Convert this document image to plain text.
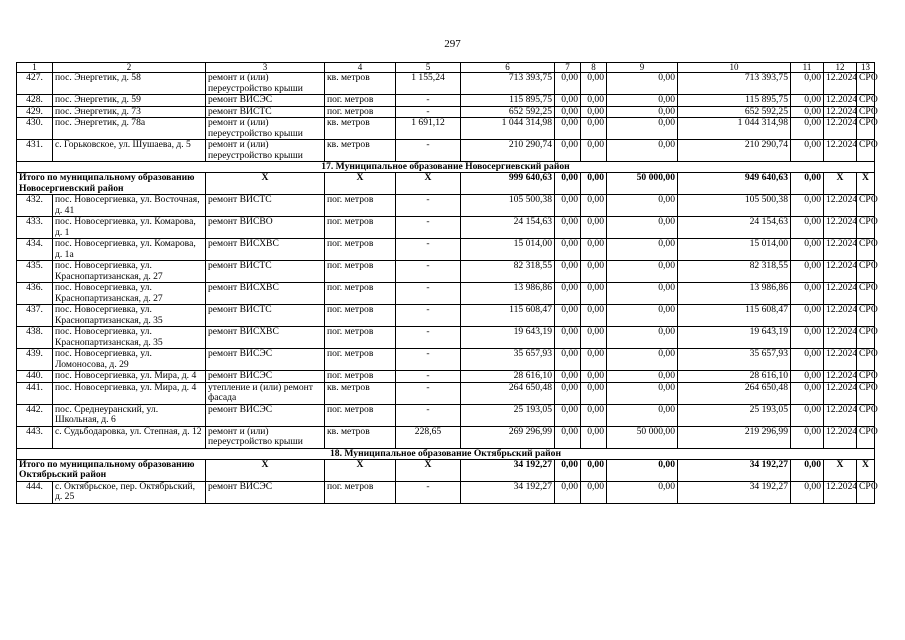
297
1	2	3	4	5	6	7	8	9	10	11	12	13
427.	пос. Энергетик, д. 58	ремонт и (или) переустройство крыши	кв. метров	1 155,24	713 393,75	0,00	0,00	0,00	713 393,75	0,00	12.2024	СРО
428.	пос. Энергетик, д. 59	ремонт ВИСЭС	пог. метров	-	115 895,75	0,00	0,00	0,00	115 895,75	0,00	12.2024	СРО
429.	пос. Энергетик, д. 73	ремонт ВИСТС	пог. метров	-	652 592,25	0,00	0,00	0,00	652 592,25	0,00	12.2024	СРО
430.	пос. Энергетик, д. 78а	ремонт и (или) переустройство крыши	кв. метров	1 691,12	1 044 314,98	0,00	0,00	0,00	1 044 314,98	0,00	12.2024	СРО
431.	с. Горьковское, ул. Шушаева, д. 5	ремонт и (или) переустройство крыши	кв. метров	-	210 290,74	0,00	0,00	0,00	210 290,74	0,00	12.2024	СРО
17. Муниципальное образование Новосергиевский район												
Итого по муниципальному образованию Новосергиевский район		X	X	X	999 640,63	0,00	0,00	50 000,00	949 640,63	0,00	X	X
432.	пос. Новосергиевка, ул. Восточная, д. 41	ремонт ВИСТС	пог. метров	-	105 500,38	0,00	0,00	0,00	105 500,38	0,00	12.2024	СРО
433.	пос. Новосергиевка, ул. Комарова, д. 1	ремонт ВИСВО	пог. метров	-	24 154,63	0,00	0,00	0,00	24 154,63	0,00	12.2024	СРО
434.	пос. Новосергиевка, ул. Комарова, д. 1а	ремонт ВИСХВС	пог. метров	-	15 014,00	0,00	0,00	0,00	15 014,00	0,00	12.2024	СРО
435.	пос. Новосергиевка, ул. Краснопартизанская, д. 27	ремонт ВИСТС	пог. метров	-	82 318,55	0,00	0,00	0,00	82 318,55	0,00	12.2024	СРО
436.	пос. Новосергиевка, ул. Краснопартизанская, д. 27	ремонт ВИСХВС	пог. метров	-	13 986,86	0,00	0,00	0,00	13 986,86	0,00	12.2024	СРО
437.	пос. Новосергиевка, ул. Краснопартизанская, д. 35	ремонт ВИСТС	пог. метров	-	115 608,47	0,00	0,00	0,00	115 608,47	0,00	12.2024	СРО
438.	пос. Новосергиевка, ул. Краснопартизанская, д. 35	ремонт ВИСХВС	пог. метров	-	19 643,19	0,00	0,00	0,00	19 643,19	0,00	12.2024	СРО
439.	пос. Новосергиевка, ул. Ломоносова, д. 29	ремонт ВИСЭС	пог. метров	-	35 657,93	0,00	0,00	0,00	35 657,93	0,00	12.2024	СРО
440.	пос. Новосергиевка, ул. Мира, д. 4	ремонт ВИСЭС	пог. метров	-	28 616,10	0,00	0,00	0,00	28 616,10	0,00	12.2024	СРО
441.	пос. Новосергиевка, ул. Мира, д. 4	утепление и (или) ремонт фасада	кв. метров	-	264 650,48	0,00	0,00	0,00	264 650,48	0,00	12.2024	СРО
442.	пос. Среднеуранский, ул. Школьная, д. 6	ремонт ВИСЭС	пог. метров	-	25 193,05	0,00	0,00	0,00	25 193,05	0,00	12.2024	СРО
443.	с. Судьбодаровка, ул. Степная, д. 12	ремонт и (или) переустройство крыши	кв. метров	228,65	269 296,99	0,00	0,00	50 000,00	219 296,99	0,00	12.2024	СРО
18. Муниципальное образование Октябрьский район												
Итого по муниципальному образованию Октябрьский район		X	X	X	34 192,27	0,00	0,00	0,00	34 192,27	0,00	X	X
444.	с. Октябрьское, пер. Октябрьский, д. 25	ремонт ВИСЭС	пог. метров	-	34 192,27	0,00	0,00	0,00	34 192,27	0,00	12.2024	СРО
